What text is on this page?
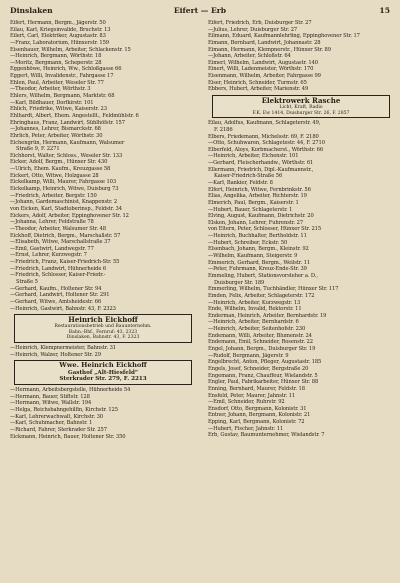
Dinslaken	Eifert — Erb	15
Eifert, Hermann, Bergm., Jägerstr. 50
Eilau, Karl, Kriegsinvalide, Bruchstr. 13
Eilert, Carl, Elektriker, Augustastr. 83
—Franz, Laboratorium, Hünxerstr. 159
Eisenhauer, Wilhelm, Arbeiter, Schlackenstr. 15
—Heinrich, Bergmann, Wörthstr. 18
—Moritz, Bergmann, Scheperstr. 28
Eggenhöwe, Heinrich, Ww., Schloßgasse 66
Eggert, Willi, Invalidenstr., Fahrgasse 17
Ehlen, Paul, Arbeiter, Weseler Str. 77
—Theodor, Arbeiter, Wörthstr. 3
Ehlers, Wilhelm, Bergmann, Marktstr. 68
—Karl, Bildhauer, Dorfkirstr. 101
Ehlich, Friedrike, Witwe, Kaiserstr. 23
Ehlhardt, Albert, Ehem. Angestellt., Feldmühlstr. 6
Ehringhaus, Franz, Landwirt, Sühlhöfstr. 157
—Johannes, Lehrer, Bismarckstr. 68
Ehrlich, Peter, Arbeiter, Wörthstr. 30
Eichengrün, Hermann, Kaufmann, Walsumer
Straße 9, F. 2271
Eichhorst, Walter, Schloss., Weseler Str. 133
Eicker, Adolf, Bergm., Hünxer Str. 430
—Ulrich, Ehem. Kaufm., Kreuzgasse 58
Eickert, Otto, Witwe, Holzgasse 28
Eickelkamp, Willi, Maurer, Fahrgasse 103
Eickelkamp, Heinrich, Witwe, Duisburg 73
—Friedrich, Arbeiter, Bergstr. 150
—Johann, Gardemaschinist, Knappenstr. 2
von Eicken, Karl, Stadtoberinsp., Feldstr. 34
Eickers, Adolf, Arbeiter, Eppinghovener Str. 12
—Johanna, Lehrer, Feldstraße 78
—Theodor, Arbeiter, Walsumer Str. 48
Eickhoff, Dietrich, Bergm., Marschallstr. 57
—Elisabeth, Witwe, Marschallstraße 37
—Emil, Gastwirt, Landwegstr. 77
—Ernst, Lehrer, Kurzwegstr. 7
—Friedrich, Franz, Kaiser-Friedrich-Str. 55
—Friedrich, Landwirt, Hühnerheide 6
—Friedrich, Schlosser, Kaiser-Friedr.-
Straße 5
—Gerhard, Kaufm., Holtener Str. 94
—Gerhard, Landwirt, Holtener Str. 291
—Gerhard, Witwe, Amtsheidestr. 66
—Heinrich, Gastwirt, Bahnstr. 43, F. 2323
Heinrich Eickhoff
Restaurationsbetrieb und Bauunternehm.
Bahn.-Bhf., Fernruf: 43. 2323
Dinslaken, Bahnstr. 43, F. 2323
—Heinrich, Klempnermeister, Bahnstr. 31
—Heinrich, Walzer, Holtener Str. 29
Wwe. Heinrich Eickhoff
Gasthof „Alt-Hiesfeld“
Sterkrader Str. 279, F. 2213
—Hermann, Arbeitsbergstelle, Hühnerheide 54
—Hermann, Bauer, Stiftstr. 128
—Hermann, Witwe, Wallstr. 194
—Helga, Reichsbahngehilfin, Kirchstr. 125
—Karl, Lehrerwachwalt, Kirchstr. 30
—Karl, Schuhmacher, Bahnstr. 1
—Richard, Fahrer, Sterkrader Str. 257
Eickmann, Heinrich, Bauer, Holtener Str. 350
Eifert, Friedrich, Erb, Duisburger Str. 27
—Julius, Lehrer, Duisburger Str. 27
Eilmann, Eduard, Kaufmannlehrling, Eppinghovener Str. 17
Eimann, Bernhard, Landwirt, Johannastr. 28
Eimann, Hermann, Klempnerstr., Hünxer Str. 89
—Johann, Arbeiter, Schloßstr. 64
Eimerl, Wilhelm, Landwirt, Augustastr. 140
Einert, Willi, Ladenmeister, Wörthstr. 170
Eisenmann, Wilhelm, Arbeiter, Fahrgasse 99
Eiser, Heinrich, Schneider, Turmstr. 65
Ebbers, Hubert, Arbeiter, Marienstr. 49
Elektrowerk Rasche
Licht, Kraft, Radio
F.K. Ew 1414, Duisburger Str. 26, F. 2857
Eilau, Adolfus, Kaufmann, Schlageterstr. 49,
F. 2186
Elbers, Friedemann, Michelsstr. 69, F. 2180
—Otto, Schuhwaren, Schlagetestr. 44, F. 2710
Elberfeld, Aloys, Korbmacherst., Wörthstr. 66
—Heinrich, Arbeiter, Eichenstr. 101
—Gerhard, Fleischerhandw., Wörthstr. 61
Ellermann, Friedrich, Dipl.-Kaufmannstr.,
Kaiser-Friedrich-Straße 56
—Karl, Bankier, Feldstr. 8
Elfert, Heinrich, Witwe, Fernbrinkstr. 56
Elias, Angelika, Arbeiter, Richterstr. 19
Elmerich, Paul, Bergm., Kaiserstr. 1
—Hubert, Bauer, Schlageterstr. 1
Elving, August, Kaufmann, Dietrichstr. 20
Elsken, Johann, Lehrer, Fuhrenstr. 27
von Eltern, Peter, Schlosser, Hünxer Str. 215
—Heinrich, Buchhalter, Bertholdstr. 11
—Hubert, Schreiber, Eckstr. 50
Elsenbach, Johann, Bergm., Kleinstr. 92
—Wilhelm, Kaufmann, Steigerstr. 9
Emmerich, Gerhard, Bergm., Weilstr. 11
—Peter, Fuhrmann, Kreuz-Ende-Str. 39
Emmeling, Hubert, Stationsvorsteher a. D.,
Duisburger Str. 189
Emmerling, Wilhelm, Tuchhändler, Hünxer Str. 117
Emden, Felix, Arbeiter, Schlageterstr. 172
—Heinrich, Arbeiter, Kurzwegstr. 13
Ende, Wilhelm, Invalid, Rektorstr. 11
Enderman, Heinrich, Arbeiter, Bernhardstr. 19
—Heinrich, Arbeiter, Bernhardstr. 6
—Heinrich, Arbeiter, Seitenhofstr. 230
Endemann, Willi, Arbeiter, Blumenstr. 24
Endemann, Emil, Schneider, Rosenstr. 22
Engel, Johann, Bergm., Duisburger Str. 19
—Rudolf, Bergmann, Jägerstr. 9
Engelbrecht, Anton, Pfleger, Augustastr. 185
Engels, Josef, Schneider, Bergstraße 20
Engemann, Franz, Chauffeur, Wielandstr. 5
Engler, Paul, Fabrikarbeiter, Hünxer Str. 88
Enning, Bernhard, Maurer, Feldstr. 18
Ensfeld, Peter, Maurer, Jahnstr. 11
—Emil, Schneider, Ruhrstr. 92
Ensdorf, Otto, Bergmann, Kolonistr. 31
Entner, Johann, Bergmann, Kolonistr. 21
Epping, Karl, Bergmann, Kolonistr. 72
—Hubert, Fischer, Jahnstr. 11
Erb, Gustav, Baumunternehmer, Wielandstr. 7
